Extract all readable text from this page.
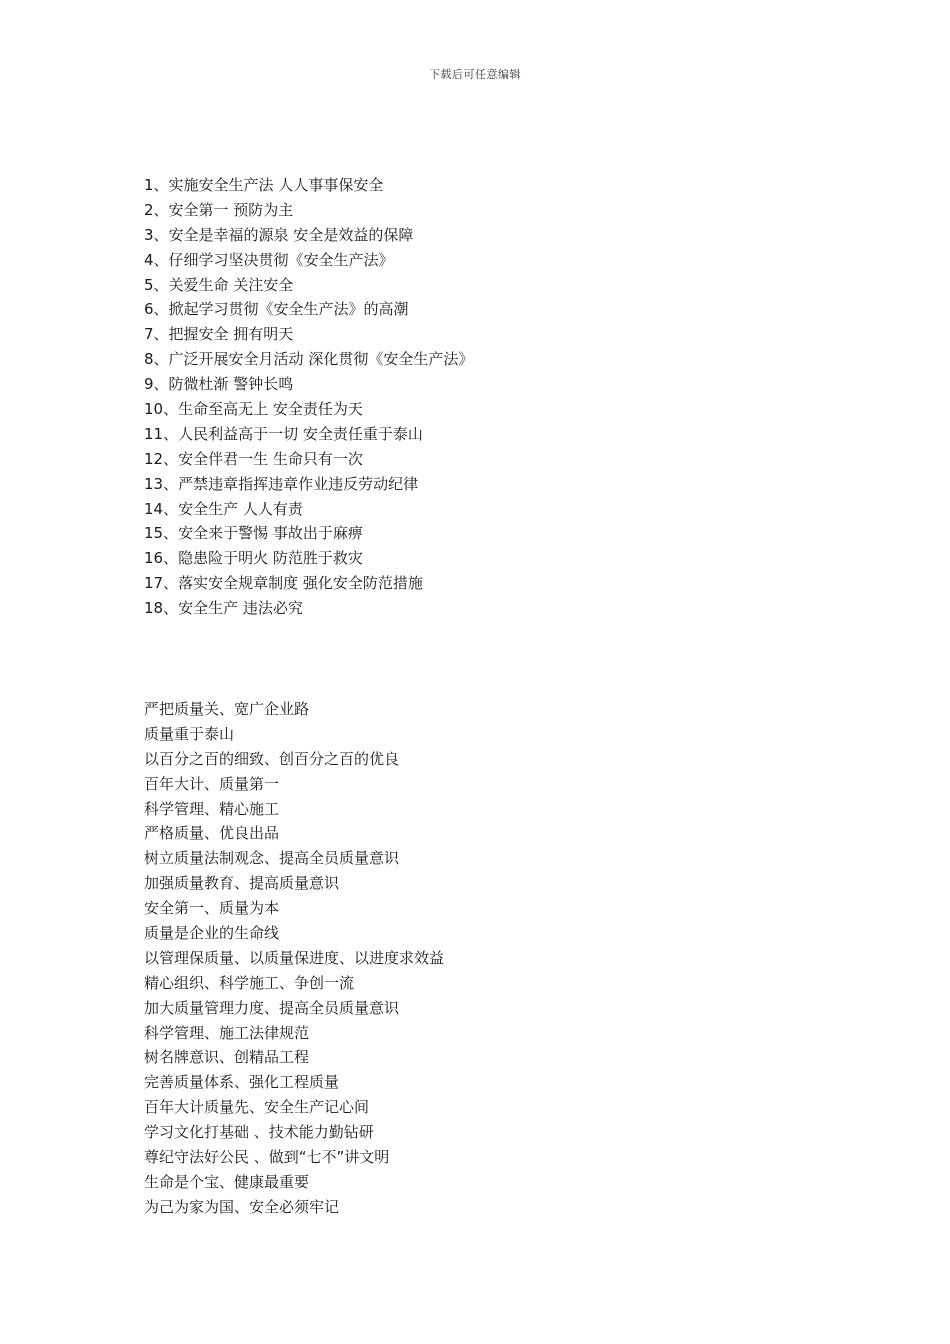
下载后可任意编辑
1、实施安全生产法 人人事事保安全
2、安全第一 预防为主
3、安全是幸福的源泉 安全是效益的保障
4、仔细学习坚决贯彻《安全生产法》
5、关爱生命 关注安全
6、掀起学习贯彻《安全生产法》的高潮
7、把握安全 拥有明天
8、广泛开展安全月活动 深化贯彻《安全生产法》
9、防微杜渐 警钟长鸣
10、生命至高无上 安全责任为天
11、人民利益高于一切 安全责任重于泰山
12、安全伴君一生 生命只有一次
13、严禁违章指挥违章作业违反劳动纪律
14、安全生产 人人有责
15、安全来于警惕 事故出于麻痹
16、隐患险于明火 防范胜于救灾
17、落实安全规章制度 强化安全防范措施
18、安全生产 违法必究
严把质量关、宽广企业路
质量重于泰山
以百分之百的细致、创百分之百的优良
百年大计、质量第一
科学管理、精心施工
严格质量、优良出品
树立质量法制观念、提高全员质量意识
加强质量教育、提高质量意识
安全第一、质量为本
质量是企业的生命线
以管理保质量、以质量保进度、以进度求效益
精心组织、科学施工、争创一流
加大质量管理力度、提高全员质量意识
科学管理、施工法律规范
树名牌意识、创精品工程
完善质量体系、强化工程质量
百年大计质量先、安全生产记心间
学习文化打基础 、技术能力勤钻研
尊纪守法好公民 、做到“七不”讲文明
生命是个宝、健康最重要
为己为家为国、安全必须牢记
